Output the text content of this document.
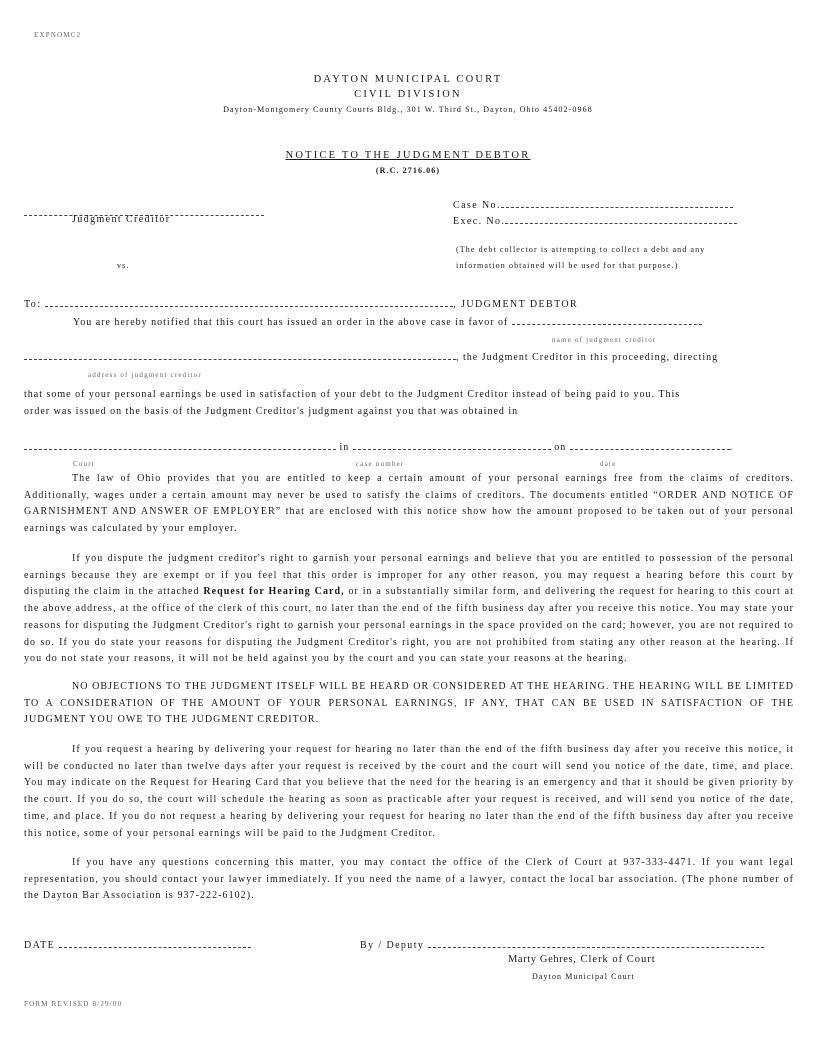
EXPNOMC2
DAYTON MUNICIPAL COURT
CIVIL DIVISION
Dayton-Montgomery County Courts Bldg., 301 W. Third St., Dayton, Ohio 45402-0968
NOTICE TO THE JUDGMENT DEBTOR
(R.C. 2716.06)
Judgment Creditor
Case No.
Exec. No.
(The debt collector is attempting to collect a debt and any
information obtained will be used for that purpose.)
vs.
To:	, JUDGMENT DEBTOR
You are hereby notified that this court has issued an order in the above case in favor of
name of judgment creditor
, the Judgment Creditor in this proceeding, directing
address of judgment creditor
that some of your personal earnings be used in satisfaction of your debt to the Judgment Creditor instead of being paid to you. This
order was issued on the basis of the Judgment Creditor's judgment against you that was obtained in
in	on	.
Court	case number	date
The law of Ohio provides that you are entitled to keep a certain amount of your personal earnings free from the claims of creditors. Additionally, wages under a certain amount may never be used to satisfy the claims of creditors. The documents entitled “ORDER AND NOTICE OF GARNISHMENT AND ANSWER OF EMPLOYER” that are enclosed with this notice show how the amount proposed to be taken out of your personal earnings was calculated by your employer.
If you dispute the judgment creditor's right to garnish your personal earnings and believe that you are entitled to possession of the personal earnings because they are exempt or if you feel that this order is improper for any other reason, you may request a hearing before this court by disputing the claim in the attached Request for Hearing Card, or in a substantially similar form, and delivering the request for hearing to this court at the above address, at the office of the clerk of this court, no later than the end of the fifth business day after you receive this notice. You may state your reasons for disputing the Judgment Creditor's right to garnish your personal earnings in the space provided on the card; however, you are not required to do so. If you do state your reasons for disputing the Judgment Creditor's right, you are not prohibited from stating any other reason at the hearing. If you do not state your reasons, it will not be held against you by the court and you can state your reasons at the hearing.
NO OBJECTIONS TO THE JUDGMENT ITSELF WILL BE HEARD OR CONSIDERED AT THE HEARING. THE HEARING WILL BE LIMITED TO A CONSIDERATION OF THE AMOUNT OF YOUR PERSONAL EARNINGS, IF ANY, THAT CAN BE USED IN SATISFACTION OF THE JUDGMENT YOU OWE TO THE JUDGMENT CREDITOR.
If you request a hearing by delivering your request for hearing no later than the end of the fifth business day after you receive this notice, it will be conducted no later than twelve days after your request is received by the court and the court will send you notice of the date, time, and place. You may indicate on the Request for Hearing Card that you believe that the need for the hearing is an emergency and that it should be given priority by the court. If you do so, the court will schedule the hearing as soon as practicable after your request is received, and will send you notice of the date, time, and place. If you do not request a hearing by delivering your request for hearing no later than the end of the fifth business day after you receive this notice, some of your personal earnings will be paid to the Judgment Creditor.
If you have any questions concerning this matter, you may contact the office of the Clerk of Court at 937-333-4471. If you want legal representation, you should contact your lawyer immediately. If you need the name of a lawyer, contact the local bar association. (The phone number of the Dayton Bar Association is 937-222-6102).
DATE	By / Deputy
Marty Gehres, Clerk of Court
Dayton Municipal Court
FORM REVISED 8/29/00
